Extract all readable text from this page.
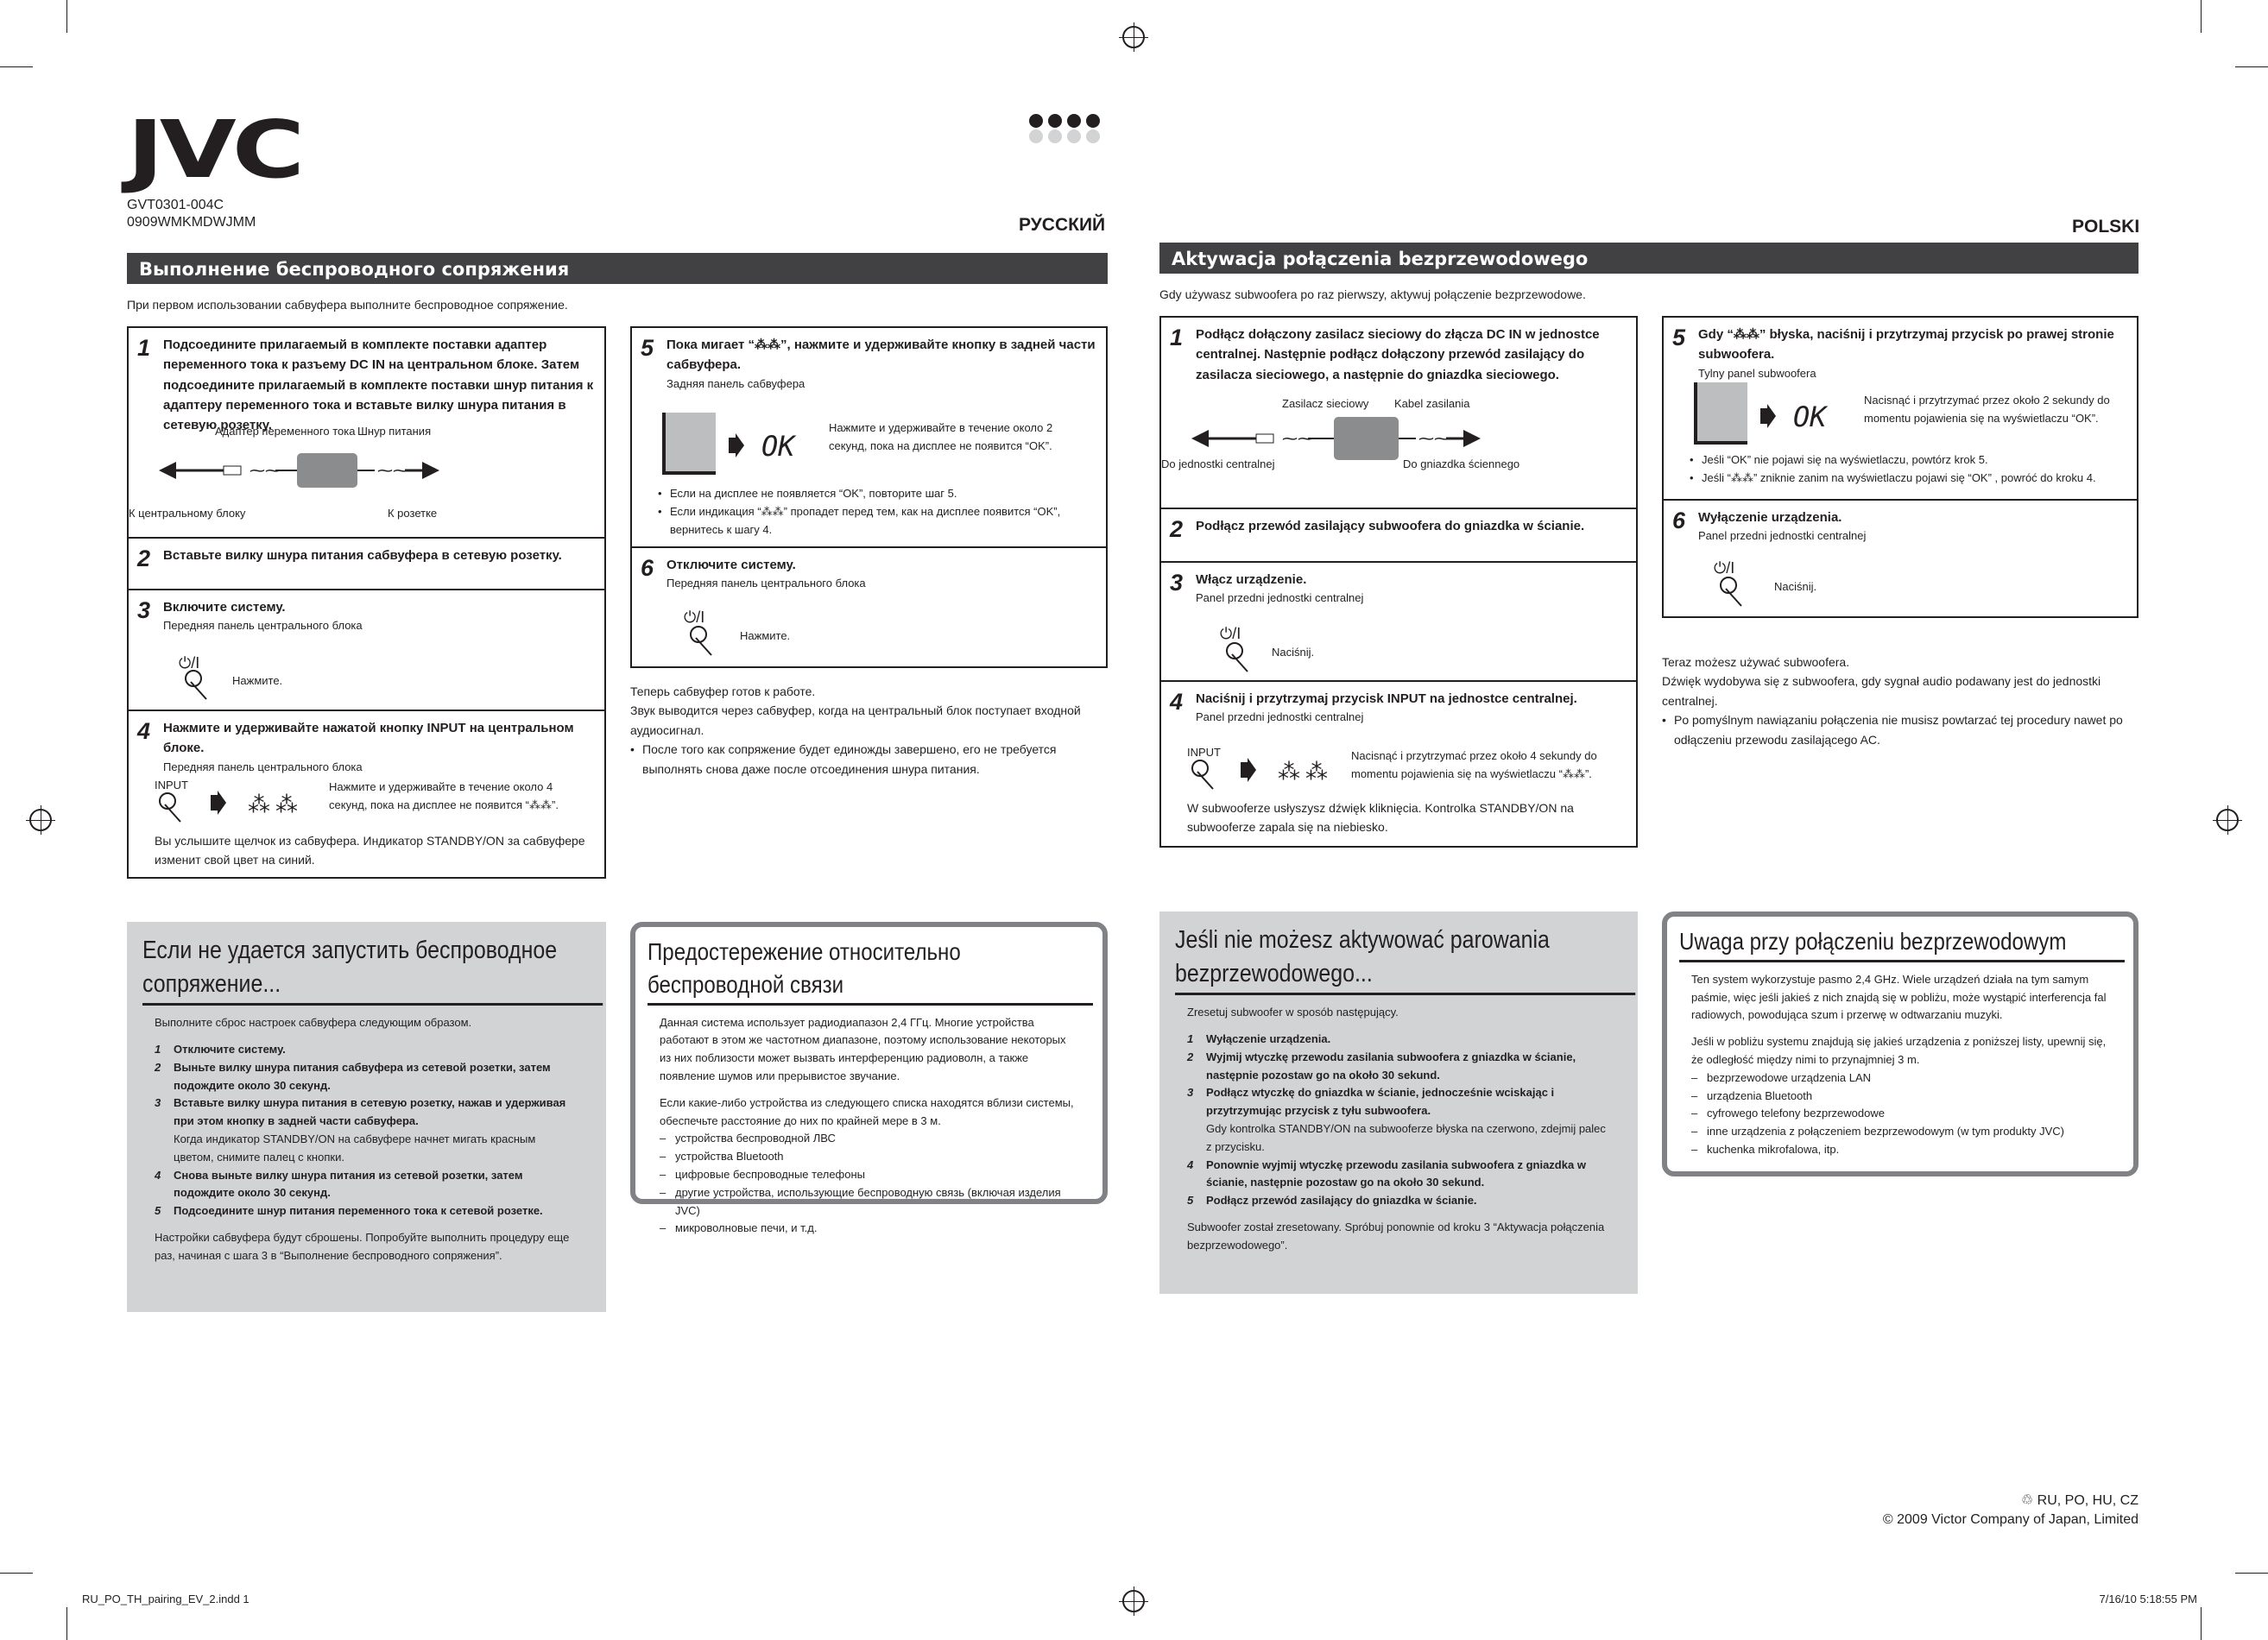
JVC
GVT0301-004C
0909WMKMDWJMM	РУССКИЙ	POLSKI
Выполнение беспроводного сопряжения
При первом использовании сабвуфера выполните беспроводное сопряжение.
1 Подсоедините прилагаемый в комплекте поставки адаптер переменного тока к разъему DC IN на центральном блоке. Затем подсоедините прилагаемый в комплекте поставки шнур питания к адаптеру переменного тока и вставьте вилку шнура питания в сетевую розетку.
Адаптер переменного тока Шнур питания
⁓⁓	⁓⁓
К центральному блоку	К розетке
2 Вставьте вилку шнура питания сабвуфера в сетевую розетку.
3 Включите систему.
Передняя панель центрального блока
⏻/I
Нажмите.
4 Нажмите и удерживайте нажатой кнопку INPUT на центральном блоке.
Передняя панель центрального блока
INPUT
⁂⁂
Нажмите и удерживайте в течение около 4 секунд, пока на дисплее не появится “⁂⁂”.
Вы услышите щелчок из сабвуфера. Индикатор STANDBY/ON за сабвуфере изменит свой цвет на синий.
5 Пока мигает “⁂⁂”, нажмите и удерживайте кнопку в задней части сабвуфера.
Задняя панель сабвуфера
OK
Нажмите и удерживайте в течение около 2 секунд, пока на дисплее не появится “OK”.
• Если на дисплее не появляется “OK”, повторите шаг 5.
• Если индикация “⁂⁂” пропадет перед тем, как на дисплее появится “OK”, вернитесь к шагу 4.
6 Отключите систему.
Передняя панель центрального блока
⏻/I
Нажмите.
Теперь сабвуфер готов к работе.
Звук выводится через сабвуфер, когда на центральный блок поступает входной аудиосигнал.
• После того как сопряжение будет единожды завершено, его не требуется выполнять снова даже после отсоединения шнура питания.
Если не удается запустить беспроводное сопряжение...
Выполните сброс настроек сабвуфера следующим образом.
1 Отключите систему.
2 Выньте вилку шнура питания сабвуфера из сетевой розетки, затем подождите около 30 секунд.
3 Вставьте вилку шнура питания в сетевую розетку, нажав и удерживая при этом кнопку в задней части сабвуфера.
Когда индикатор STANDBY/ON на сабвуфере начнет мигать красным цветом, снимите палец с кнопки.
4 Снова выньте вилку шнура питания из сетевой розетки, затем подождите около 30 секунд.
5 Подсоедините шнур питания переменного тока к сетевой розетке.
Настройки сабвуфера будут сброшены. Попробуйте выполнить процедуру еще раз, начиная с шага 3 в “Выполнение беспроводного сопряжения”.
Предостережение относительно беспроводной связи

Данная система использует радиодиапазон 2,4 ГГц. Многие устройства работают в этом же частотном диапазоне, поэтому использование некоторых из них поблизости может вызвать интерференцию радиоволн, а также появление шумов или прерывистое звучание.

Если какие-либо устройства из следующего списка находятся вблизи системы, обеспечьте расстояние до них по крайней мере в 3 м.

– устройства беспроводной ЛВС
– устройства Bluetooth
– цифровые беспроводные телефоны
– другие устройства, использующие беспроводную связь (включая изделия JVC)
– микроволновые печи, и т.д.
Aktywacja połączenia bezprzewodowego
Gdy używasz subwoofera po raz pierwszy, aktywuj połączenie bezprzewodowe.
1 Podłącz dołączony zasilacz sieciowy do złącza DC IN w jednostce centralnej. Następnie podłącz dołączony przewód zasilający do zasilacza sieciowego, a następnie do gniazdka sieciowego.
Zasilacz sieciowy Kabel zasilania
⁓⁓	⁓⁓
Do jednostki centralnej	Do gniazdka ściennego
2 Podłącz przewód zasilający subwoofera do gniazdka w ścianie.
3 Włącz urządzenie.
Panel przedni jednostki centralnej
⏻/I
Naciśnij.
4 Naciśnij i przytrzymaj przycisk INPUT na jednostce centralnej.
Panel przedni jednostki centralnej
INPUT
⁂⁂
Nacisnąć i przytrzymać przez około 4 sekundy do momentu pojawienia się na wyświetlaczu “⁂⁂”.
W subwooferze usłyszysz dźwięk kliknięcia. Kontrolka STANDBY/ON na subwooferze zapala się na niebiesko.
5 Gdy “⁂⁂” błyska, naciśnij i przytrzymaj przycisk po prawej stronie subwoofera.
Tylny panel subwoofera
OK
Nacisnąć i przytrzymać przez około 2 sekundy do momentu pojawienia się na wyświetlaczu “OK”.
• Jeśli “OK” nie pojawi się na wyświetlaczu, powtórz krok 5.
• Jeśli “⁂⁂” zniknie zanim na wyświetlaczu pojawi się “OK” , powróć do kroku 4.
6 Wyłączenie urządzenia.
Panel przedni jednostki centralnej
⏻/I
Naciśnij.
Teraz możesz używać subwoofera.
Dźwięk wydobywa się z subwoofera, gdy sygnał audio podawany jest do jednostki centralnej.
• Po pomyślnym nawiązaniu połączenia nie musisz powtarzać tej procedury nawet po odłączeniu przewodu zasilającego AC.
Jeśli nie możesz aktywować parowania bezprzewodowego...
Zresetuj subwoofer w sposób następujący.
1 Wyłączenie urządzenia.
2 Wyjmij wtyczkę przewodu zasilania subwoofera z gniazdka w ścianie, następnie pozostaw go na około 30 sekund.
3 Podłącz wtyczkę do gniazdka w ścianie, jednocześnie wciskając i przytrzymując przycisk z tyłu subwoofera.
Gdy kontrolka STANDBY/ON na subwooferze błyska na czerwono, zdejmij palec z przycisku.
4 Ponownie wyjmij wtyczkę przewodu zasilania subwoofera z gniazdka w ścianie, następnie pozostaw go na około 30 sekund.
5 Podłącz przewód zasilający do gniazdka w ścianie.
Subwoofer został zresetowany. Spróbuj ponownie od kroku 3 “Aktywacja połączenia bezprzewodowego”.
Uwaga przy połączeniu bezprzewodowym

Ten system wykorzystuje pasmo 2,4 GHz. Wiele urządzeń działa na tym samym paśmie, więc jeśli jakieś z nich znajdą się w pobliżu, może wystąpić interferencja fal radiowych, powodująca szum i przerwę w odtwarzaniu muzyki.

Jeśli w pobliżu systemu znajdują się jakieś urządzenia z poniższej listy, upewnij się, że odległość między nimi to przynajmniej 3 m.

– bezprzewodowe urządzenia LAN
– urządzenia Bluetooth
– cyfrowego telefony bezprzewodowe
– inne urządzenia z połączeniem bezprzewodowym (w tym produkty JVC)
– kuchenka mikrofalowa, itp.
♲ RU, PO, HU, CZ
© 2009 Victor Company of Japan, Limited
RU_PO_TH_pairing_EV_2.indd 1	7/16/10 5:18:55 PM
